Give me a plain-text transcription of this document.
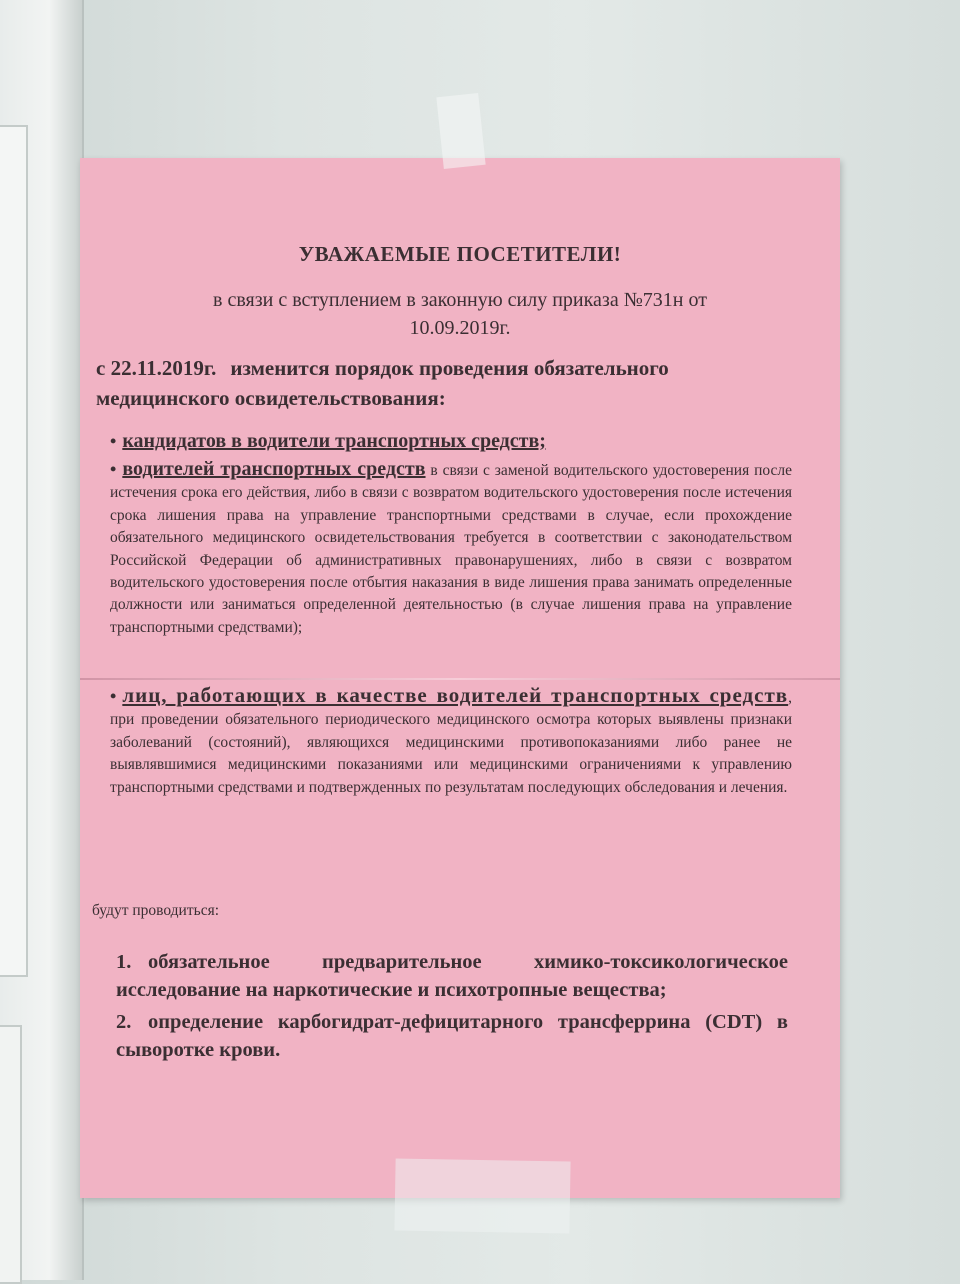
УВАЖАЕМЫЕ ПОСЕТИТЕЛИ!
в связи с вступлением в законную силу приказа №731н от
10.09.2019г.
с 22.11.2019г. изменится порядок проведения обязательного медицинского освидетельствования:
• кандидатов в водители транспортных средств;
• водителей транспортных средств в связи с заменой водительского удостоверения после истечения срока его действия, либо в связи с возвратом водительского удостоверения после истечения срока лишения права на управление транспортными средствами в случае, если прохождение обязательного медицинского освидетельствования требуется в соответствии с законодательством Российской Федерации об административных правонарушениях, либо в связи с возвратом водительского удостоверения после отбытия наказания в виде лишения права занимать определенные должности или заниматься определенной деятельностью (в случае лишения права на управление транспортными средствами);
• лиц, работающих в качестве водителей транспортных средств, при проведении обязательного периодического медицинского осмотра которых выявлены признаки заболеваний (состояний), являющихся медицинскими противопоказаниями либо ранее не выявлявшимися медицинскими показаниями или медицинскими ограничениями к управлению транспортными средствами и подтвержденных по результатам последующих обследования и лечения.
будут проводиться:
1. обязательное предварительное химико-токсикологическое исследование на наркотические и психотропные вещества;
2. определение карбогидрат-дефицитарного трансферрина (CDT) в сыворотке крови.
